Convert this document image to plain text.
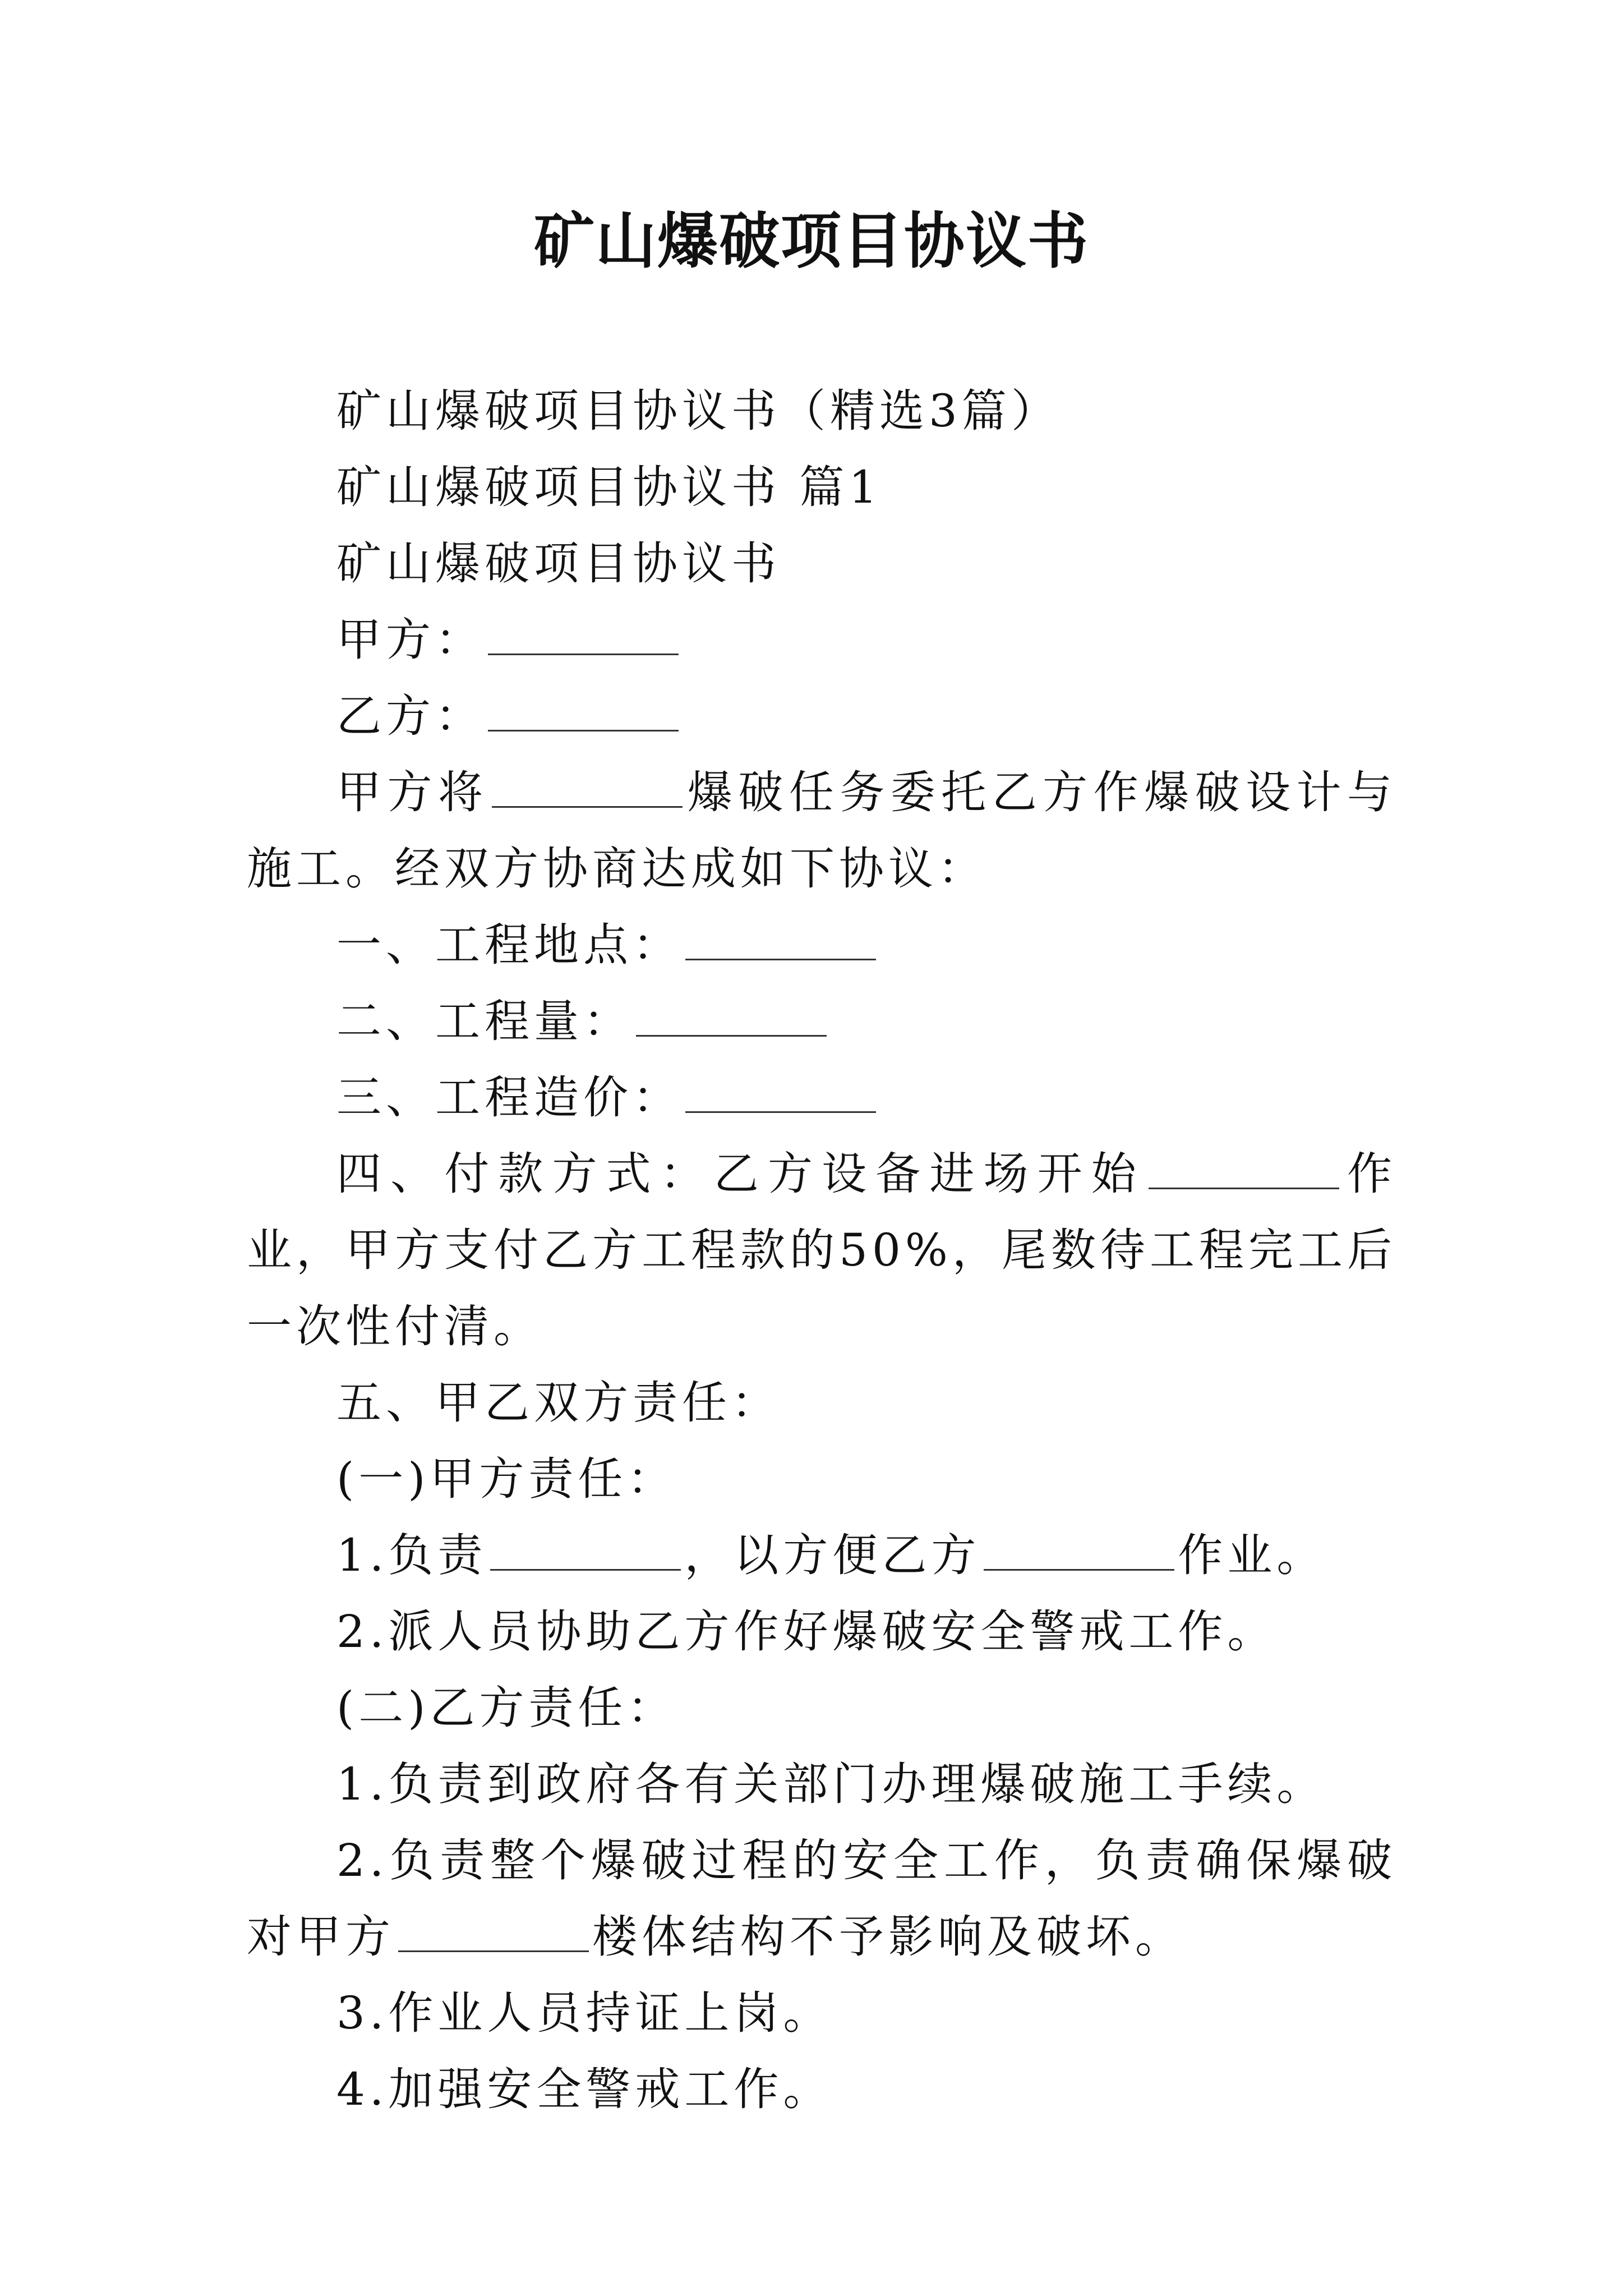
矿山爆破项目协议书

矿山爆破项目协议书（精选3篇）

矿山爆破项目协议书 篇1

矿山爆破项目协议书

甲方：

乙方：

甲方将	爆破任务委托乙方作爆破设计与施工。经双方协商达成如下协议：

一、工程地点：

二、工程量：

三、工程造价：

四、付款方式：乙方设备进场开始	作业，甲方支付乙方工程款的50%，尾数待工程完工后一次性付清。

五、甲乙双方责任：

(一)甲方责任：

1.负责	，以方便乙方	作业。

2.派人员协助乙方作好爆破安全警戒工作。

(二)乙方责任：

1.负责到政府各有关部门办理爆破施工手续。

2.负责整个爆破过程的安全工作，负责确保爆破对甲方	楼体结构不予影响及破坏。

3.作业人员持证上岗。

4.加强安全警戒工作。
